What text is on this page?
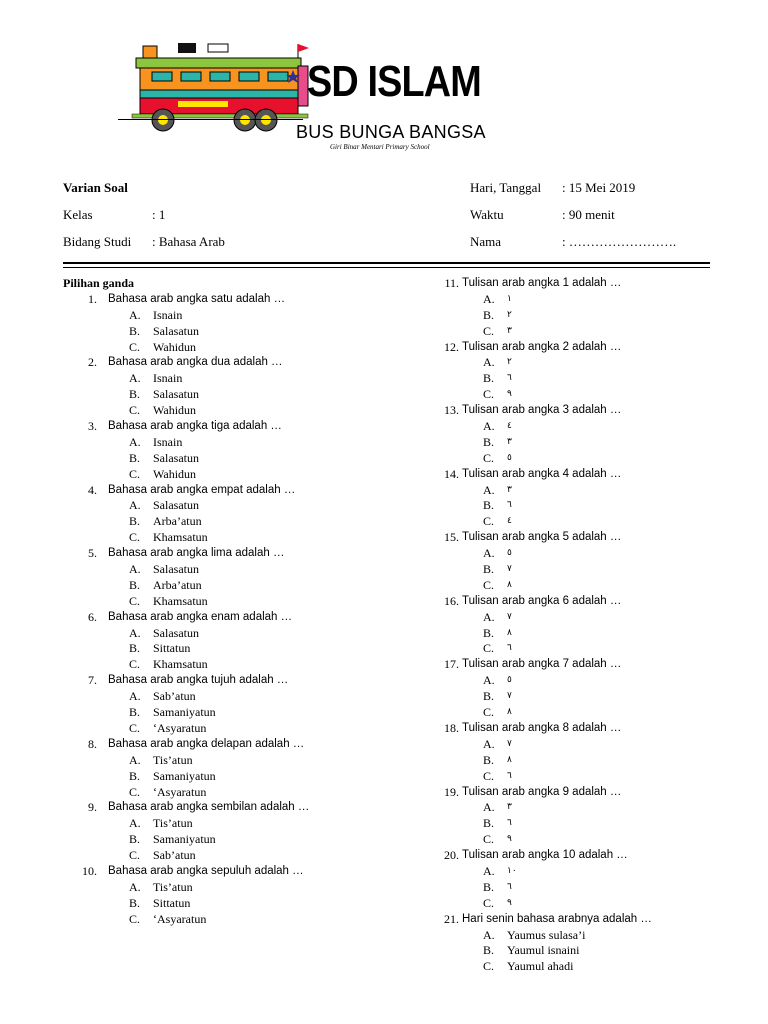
SD ISLAM
BUS BUNGA BANGSA
Giri Binar Mentari Primary School
Varian Soal	Hari, Tanggal : 15 Mei 2019
Kelas	: 1	Waktu	: 90 menit
Bidang Studi : Bahasa Arab	Nama	: …………………….
Pilihan ganda
1. Bahasa arab angka satu adalah …
A.	Isnain
B.	Salasatun
C.	Wahidun
2. Bahasa arab angka dua adalah …
A.	Isnain
B.	Salasatun
C.	Wahidun
3. Bahasa arab angka tiga adalah …
A.	Isnain
B.	Salasatun
C.	Wahidun
4. Bahasa arab angka empat adalah …
A.	Salasatun
B.	Arba’atun
C.	Khamsatun
5. Bahasa arab angka lima adalah …
A.	Salasatun
B.	Arba’atun
C.	Khamsatun
6. Bahasa arab angka enam adalah …
A.	Salasatun
B.	Sittatun
C.	Khamsatun
7. Bahasa arab angka tujuh adalah …
A.	Sab’atun
B.	Samaniyatun
C.	‘Asyaratun
8. Bahasa arab angka delapan adalah …
A.	Tis’atun
B.	Samaniyatun
C.	‘Asyaratun
9. Bahasa arab angka sembilan adalah …
A.	Tis’atun
B.	Samaniyatun
C.	Sab’atun
10. Bahasa arab angka sepuluh adalah …
A.	Tis’atun
B.	Sittatun
C.	‘Asyaratun
11. Tulisan arab angka 1 adalah …
A.	١
B.	٢
C.	٣
12. Tulisan arab angka 2 adalah …
A.	٢
B.	٦
C.	٩
13. Tulisan arab angka 3 adalah …
A.	٤
B.	٣
C.	٥
14. Tulisan arab angka 4 adalah …
A.	٣
B.	٦
C.	٤
15. Tulisan arab angka 5 adalah …
A.	٥
B.	٧
C.	٨
16. Tulisan arab angka 6 adalah …
A.	٧
B.	٨
C.	٦
17. Tulisan arab angka 7 adalah …
A.	٥
B.	٧
C.	٨
18. Tulisan arab angka 8 adalah …
A.	٧
B.	٨
C.	٦
19. Tulisan arab angka 9 adalah …
A.	٣
B.	٦
C.	٩
20. Tulisan arab angka 10 adalah …
A.	١٠
B.	٦
C.	٩
21. Hari senin bahasa arabnya adalah …
A.	Yaumus sulasa’i
B.	Yaumul isnaini
C.	Yaumul ahadi
